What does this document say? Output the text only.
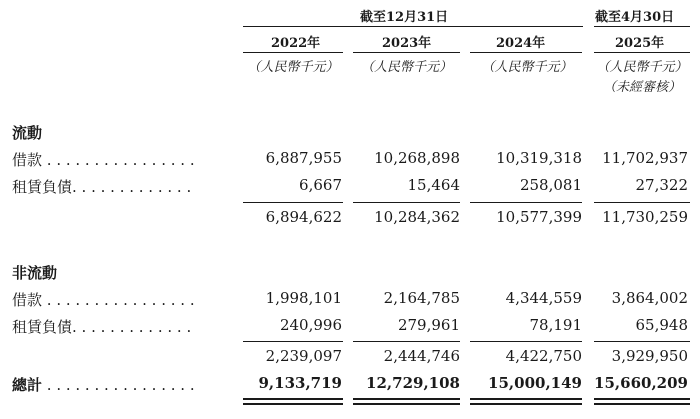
截至12月31日	截至4月30日
2022年	2023年	2024年	2025年
（人民幣千元）	（人民幣千元）	（人民幣千元）	（人民幣千元）
（未經審核）
流動
借款 . . . . . . . . . . . . . . . .	6,887,955 10,268,898 10,319,318 11,702,937
租賃負債. . . . . . . . . . . . .	6,667	15,464	258,081	27,322
6,894,622 10,284,362 10,577,399 11,730,259
非流動
借款 . . . . . . . . . . . . . . . .	1,998,101	2,164,785	4,344,559 3,864,002
租賃負債. . . . . . . . . . . . .	240,996	279,961	78,191	65,948
2,239,097	2,444,746	4,422,750 3,929,950
總計 . . . . . . . . . . . . . . . .	9,133,719 12,729,108 15,000,149 15,660,209
